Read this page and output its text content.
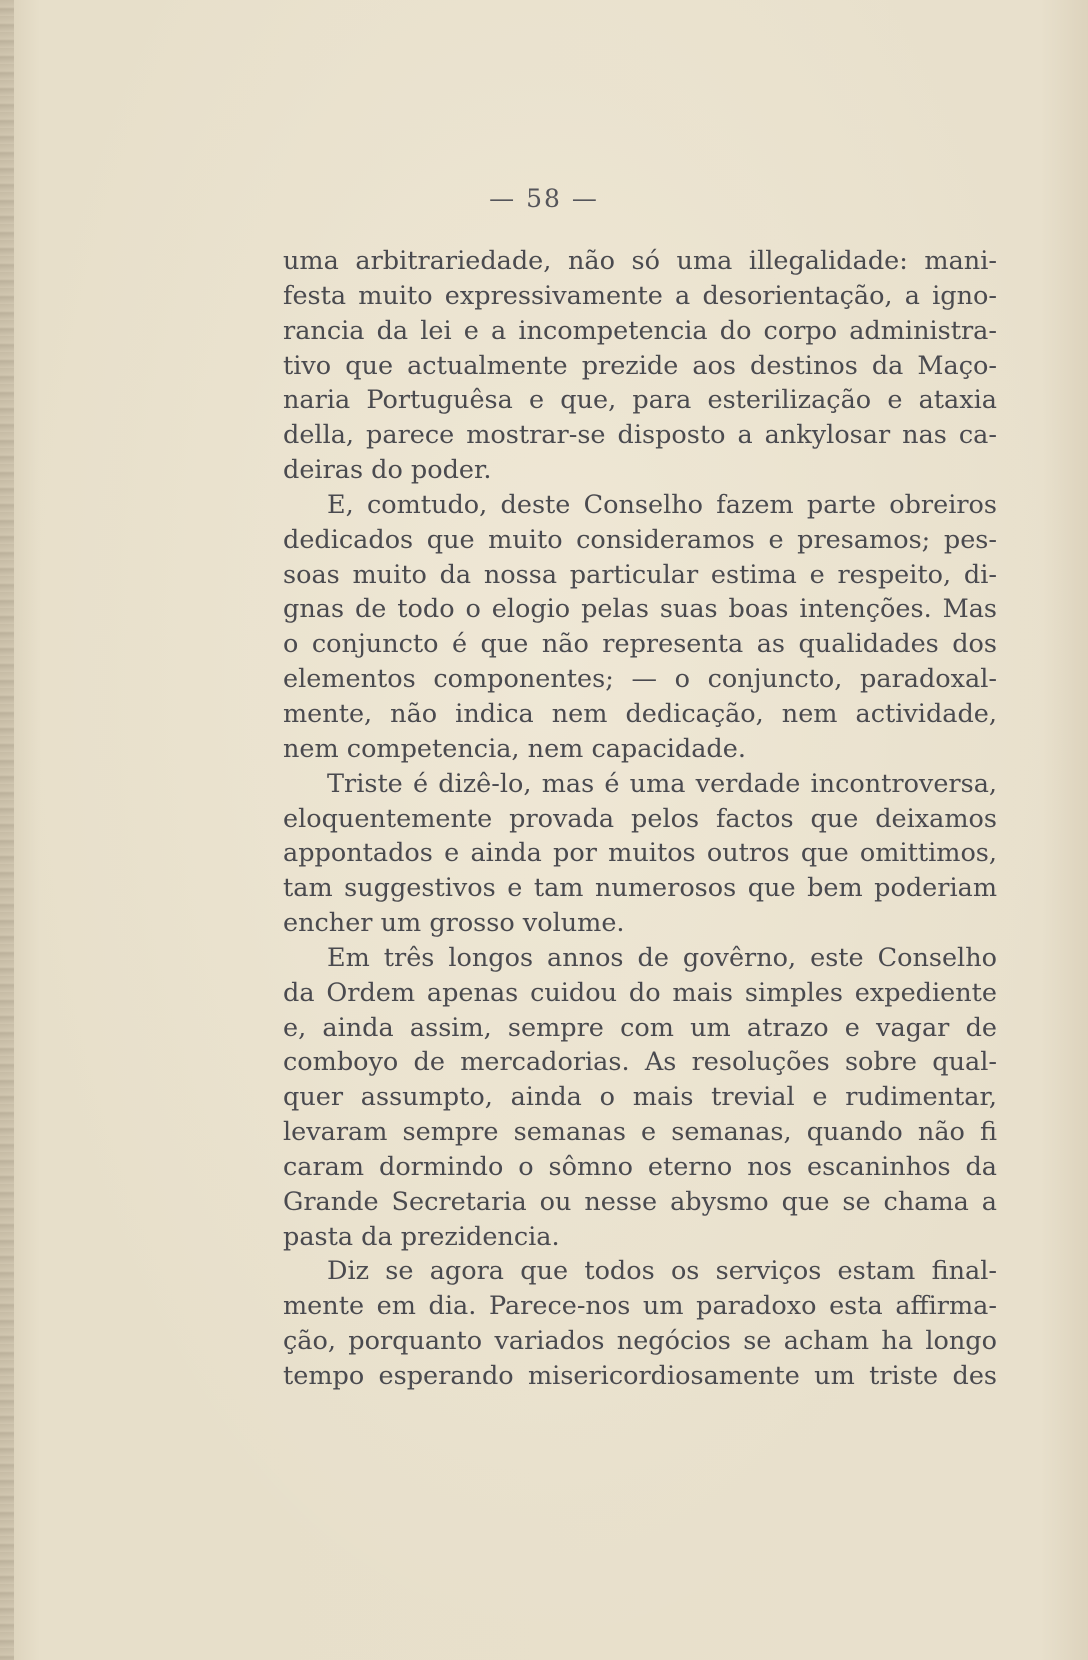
— 58 —
uma arbitrariedade, não só uma illegalidade: mani-
festa muito expressivamente a desorientação, a igno-
rancia da lei e a incompetencia do corpo administra-
tivo que actualmente prezide aos destinos da Maço-
naria Portuguêsa e que, para esterilização e ataxia
della, parece mostrar-se disposto a ankylosar nas ca-
deiras do poder.
E, comtudo, deste Conselho fazem parte obreiros
dedicados que muito consideramos e presamos; pes-
soas muito da nossa particular estima e respeito, di-
gnas de todo o elogio pelas suas boas intenções. Mas
o conjuncto é que não representa as qualidades dos
elementos componentes; — o conjuncto, paradoxal-
mente, não indica nem dedicação, nem actividade,
nem competencia, nem capacidade.
Triste é dizê-lo, mas é uma verdade incontroversa,
eloquentemente provada pelos factos que deixamos
appontados e ainda por muitos outros que omittimos,
tam suggestivos e tam numerosos que bem poderiam
encher um grosso volume.
Em três longos annos de govêrno, este Conselho
da Ordem apenas cuidou do mais simples expediente
e, ainda assim, sempre com um atrazo e vagar de
comboyo de mercadorias. As resoluções sobre qual-
quer assumpto, ainda o mais trevial e rudimentar,
levaram sempre semanas e semanas, quando não fi
caram dormindo o sômno eterno nos escaninhos da
Grande Secretaria ou nesse abysmo que se chama a
pasta da prezidencia.
Diz se agora que todos os serviços estam final-
mente em dia. Parece-nos um paradoxo esta affirma-
ção, porquanto variados negócios se acham ha longo
tempo esperando misericordiosamente um triste des
